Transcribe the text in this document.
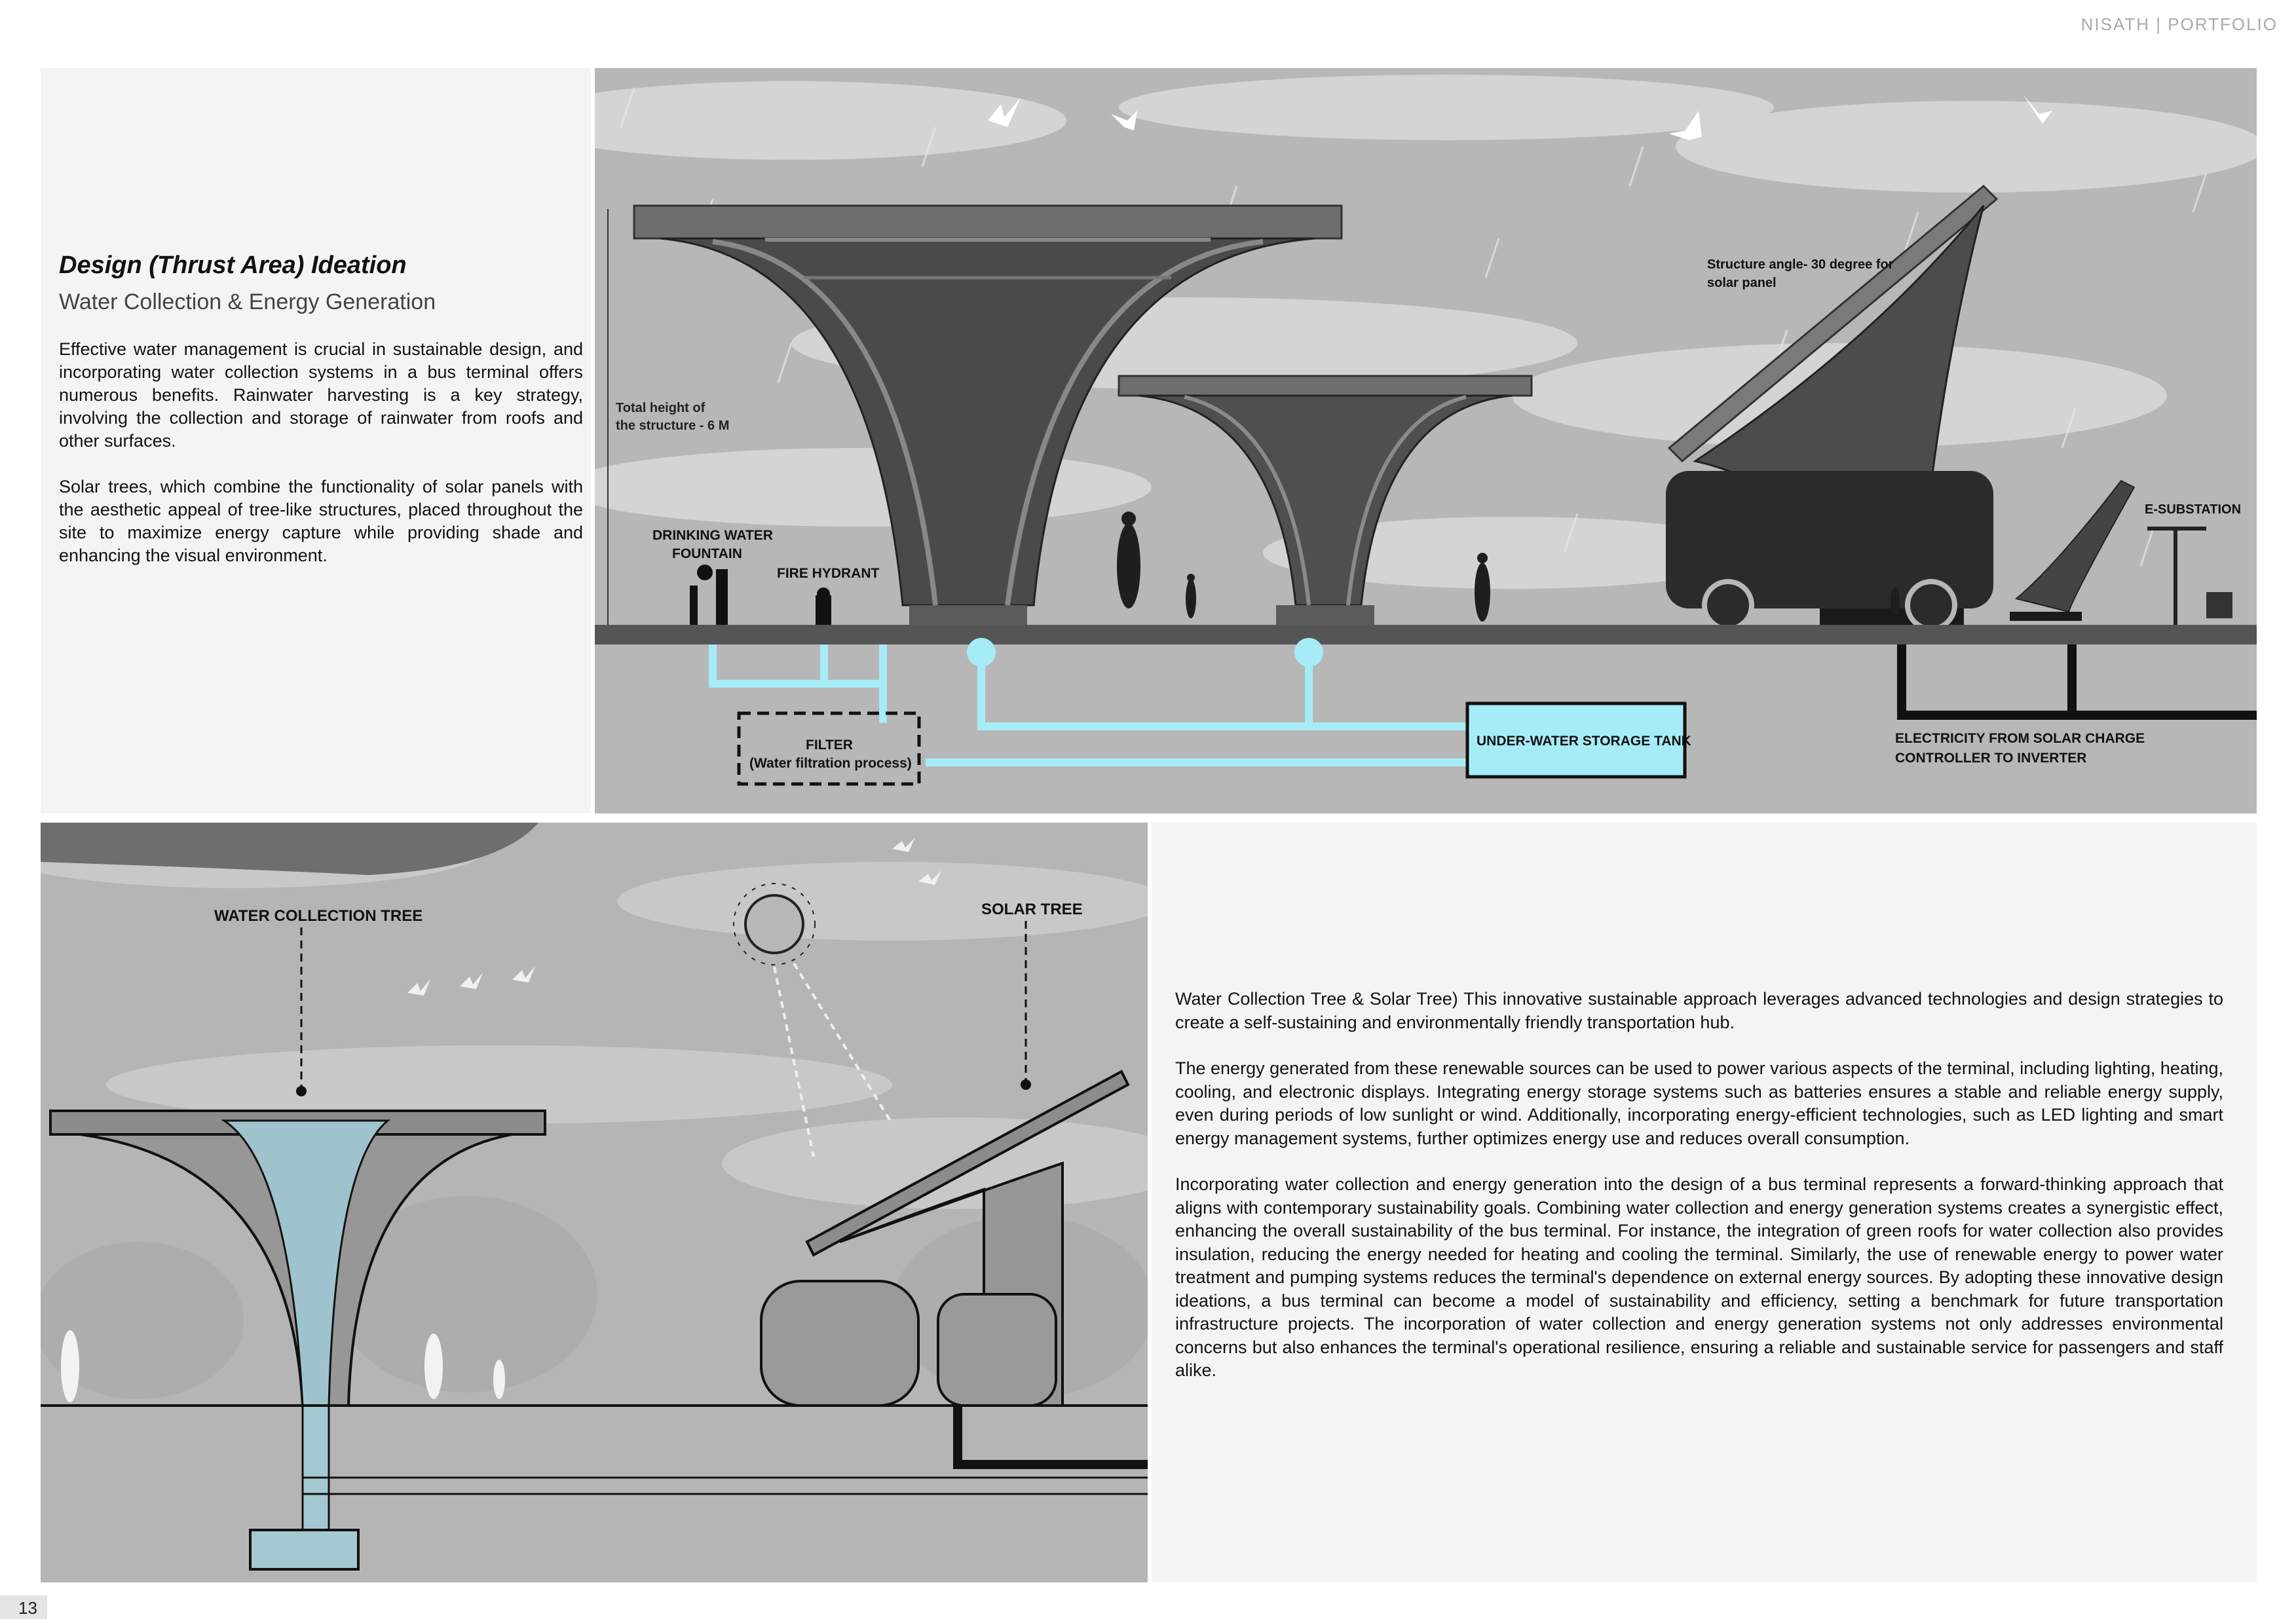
NISATH | PORTFOLIO
Design (Thrust Area) Ideation
Water Collection & Energy Generation

Effective water management is crucial in sustainable design, and incorporating water collection systems in a bus terminal offers numerous benefits. Rainwater harvesting is a key strategy, involving the collection and storage of rainwater from roofs and other surfaces.

Solar trees, which combine the functionality of solar panels with the aesthetic appeal of tree-like structures, placed throughout the site to maximize energy capture while providing shade and enhancing the visual environment.

Total height of
the structure - 6 M
E-SUBSTATION
DRINKING WATER
FOUNTAIN
FIRE HYDRANT
Structure angle- 30 degree for
solar panel
FILTER
(Water filtration process)
UNDER-WATER STORAGE TANK	ELECTRICITY FROM SOLAR CHARGE
CONTROLLER TO INVERTER
WATER COLLECTION TREE	SOLAR TREE

Water Collection Tree & Solar Tree) This innovative sustainable approach leverages advanced technologies and design strategies to create a self-sustaining and environmentally friendly transportation hub.

The energy generated from these renewable sources can be used to power various aspects of the terminal, including lighting, heating, cooling, and electronic displays. Integrating energy storage systems such as batteries ensures a stable and reliable energy supply, even during periods of low sunlight or wind. Additionally, incorporating energy-efficient technologies, such as LED lighting and smart energy management systems, further optimizes energy use and reduces overall consumption.

Incorporating water collection and energy generation into the design of a bus terminal represents a forward-thinking approach that aligns with contemporary sustainability goals. Combining water collection and energy generation systems creates a synergistic effect, enhancing the overall sustainability of the bus terminal. For instance, the integration of green roofs for water collection also provides insulation, reducing the energy needed for heating and cooling the terminal. Similarly, the use of renewable energy to power water treatment and pumping systems reduces the terminal's dependence on external energy sources. By adopting these innovative design ideations, a bus terminal can become a model of sustainability and efficiency, setting a benchmark for future transportation infrastructure projects. The incorporation of water collection and energy generation systems not only addresses environmental concerns but also enhances the terminal's operational resilience, ensuring a reliable and sustainable service for passengers and staff alike.

13
